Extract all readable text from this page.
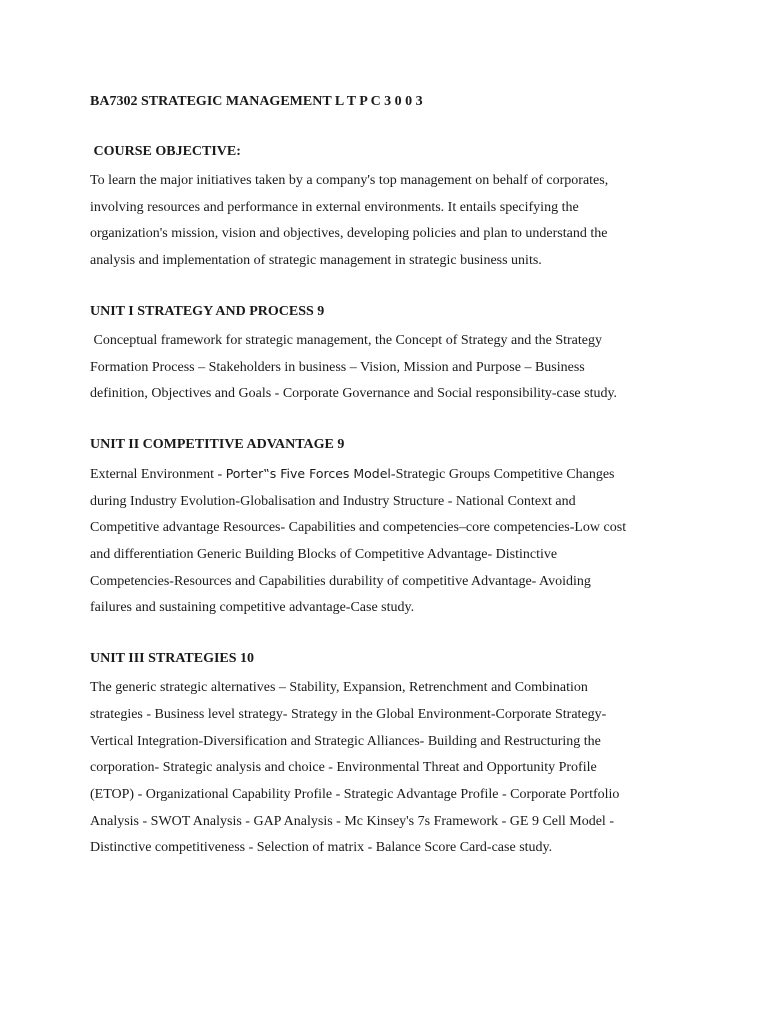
BA7302 STRATEGIC MANAGEMENT L T P C 3 0 0 3
COURSE OBJECTIVE:

To learn the major initiatives taken by a company's top management on behalf of corporates,

involving resources and performance in external environments. It entails specifying the

organization's mission, vision and objectives, developing policies and plan to understand the

analysis and implementation of strategic management in strategic business units.

UNIT I STRATEGY AND PROCESS 9

Conceptual framework for strategic management, the Concept of Strategy and the Strategy

Formation Process – Stakeholders in business – Vision, Mission and Purpose – Business

definition, Objectives and Goals - Corporate Governance and Social responsibility-case study.

UNIT II COMPETITIVE ADVANTAGE 9

External Environment - Porter‟s Five Forces Model-Strategic Groups Competitive Changes

during Industry Evolution-Globalisation and Industry Structure - National Context and

Competitive advantage Resources- Capabilities and competencies–core competencies-Low cost

and differentiation Generic Building Blocks of Competitive Advantage- Distinctive

Competencies-Resources and Capabilities durability of competitive Advantage- Avoiding

failures and sustaining competitive advantage-Case study.

UNIT III STRATEGIES 10

The generic strategic alternatives – Stability, Expansion, Retrenchment and Combination

strategies - Business level strategy- Strategy in the Global Environment-Corporate Strategy-

Vertical Integration-Diversification and Strategic Alliances- Building and Restructuring the

corporation- Strategic analysis and choice - Environmental Threat and Opportunity Profile

(ETOP) - Organizational Capability Profile - Strategic Advantage Profile - Corporate Portfolio

Analysis - SWOT Analysis - GAP Analysis - Mc Kinsey's 7s Framework - GE 9 Cell Model -

Distinctive competitiveness - Selection of matrix - Balance Score Card-case study.
